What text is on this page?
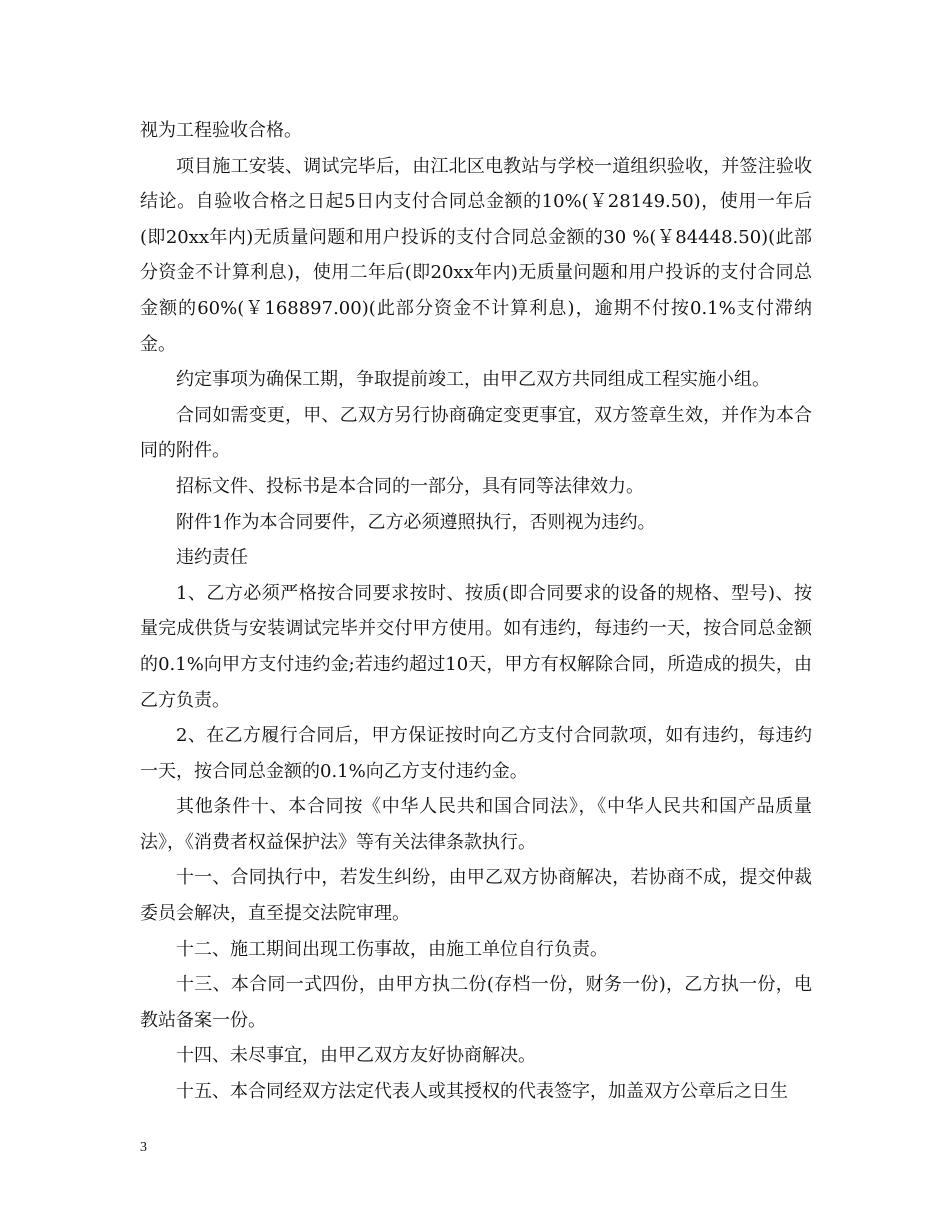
视为工程验收合格。

项目施工安装、调试完毕后，由江北区电教站与学校一道组织验收，并签注验收结论。自验收合格之日起5日内支付合同总金额的10%(￥28149.50)，使用一年后(即20xx年内)无质量问题和用户投诉的支付合同总金额的30 %(￥84448.50)(此部分资金不计算利息)，使用二年后(即20xx年内)无质量问题和用户投诉的支付合同总金额的60%(￥168897.00)(此部分资金不计算利息)，逾期不付按0.1%支付滞纳金。

约定事项为确保工期，争取提前竣工，由甲乙双方共同组成工程实施小组。

合同如需变更，甲、乙双方另行协商确定变更事宜，双方签章生效，并作为本合同的附件。

招标文件、投标书是本合同的一部分，具有同等法律效力。

附件1作为本合同要件，乙方必须遵照执行，否则视为违约。

违约责任

1、乙方必须严格按合同要求按时、按质(即合同要求的设备的规格、型号)、按量完成供货与安装调试完毕并交付甲方使用。如有违约，每违约一天，按合同总金额的0.1%向甲方支付违约金;若违约超过10天，甲方有权解除合同，所造成的损失，由乙方负责。

2、在乙方履行合同后，甲方保证按时向乙方支付合同款项，如有违约，每违约一天，按合同总金额的0.1%向乙方支付违约金。

其他条件十、本合同按《中华人民共和国合同法》，《中华人民共和国产品质量法》，《消费者权益保护法》等有关法律条款执行。

十一、合同执行中，若发生纠纷，由甲乙双方协商解决，若协商不成，提交仲裁委员会解决，直至提交法院审理。

十二、施工期间出现工伤事故，由施工单位自行负责。

十三、本合同一式四份，由甲方执二份(存档一份，财务一份)，乙方执一份，电教站备案一份。

十四、未尽事宜，由甲乙双方友好协商解决。

十五、本合同经双方法定代表人或其授权的代表签字，加盖双方公章后之日生

3
